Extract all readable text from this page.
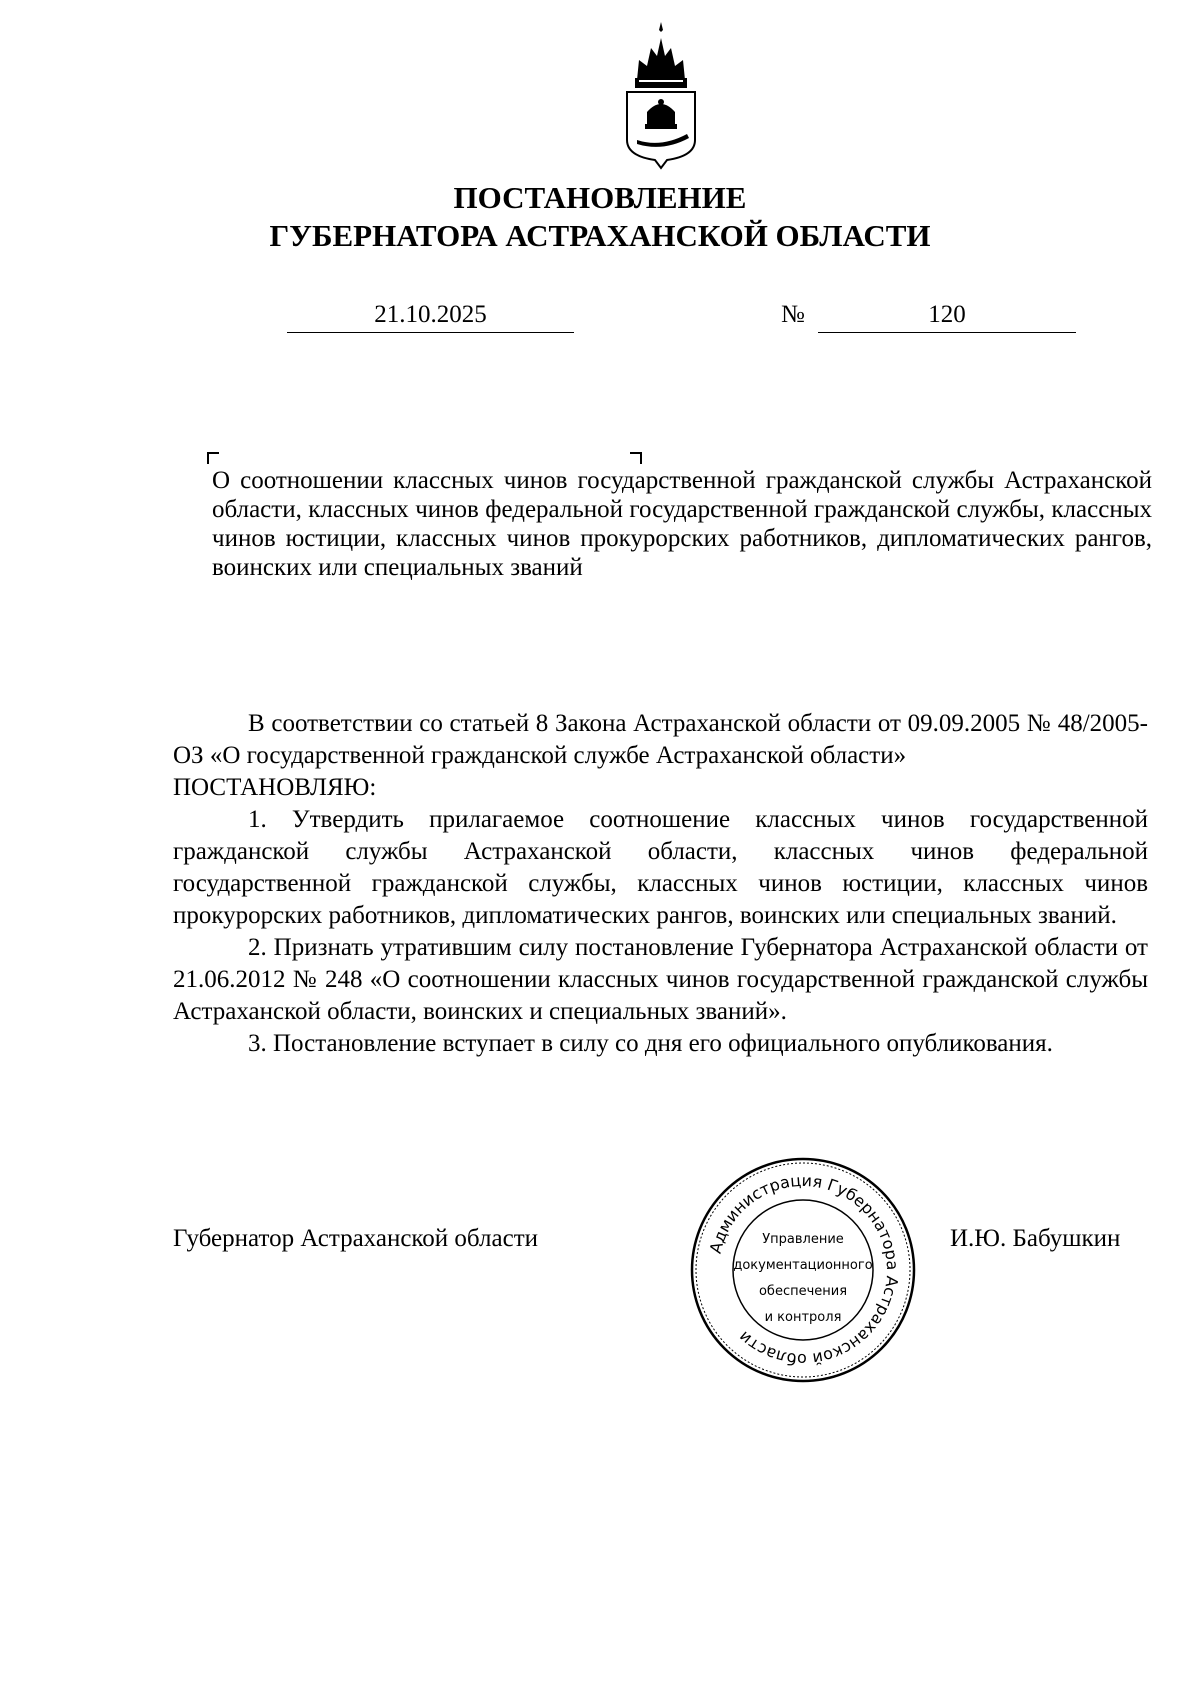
ПОСТАНОВЛЕНИЕ
ГУБЕРНАТОРА АСТРАХАНСКОЙ ОБЛАСТИ
21.10.2025	№	120
О соотношении классных чинов государственной гражданской службы Астраханской области, классных чинов федеральной государственной гражданской службы, классных чинов юстиции, классных чинов прокурорских работников, дипломатических рангов, воинских или специальных званий

В соответствии со статьей 8 Закона Астраханской области от 09.09.2005 № 48/2005-ОЗ «О государственной гражданской службе Астраханской области»

ПОСТАНОВЛЯЮ:

1. Утвердить прилагаемое соотношение классных чинов государственной гражданской службы Астраханской области, классных чинов федеральной государственной гражданской службы, классных чинов юстиции, классных чинов прокурорских работников, дипломатических рангов, воинских или специальных званий.

2. Признать утратившим силу постановление Губернатора Астраханской области от 21.06.2012 № 248 «О соотношении классных чинов государственной гражданской службы Астраханской области, воинских и специальных званий».

3. Постановление вступает в силу со дня его официального опубликования.

Губернатор Астраханской области	Администрация Губернатора Астраханской области
Управление
документационного
обеспечения
и контроля
И.Ю. Бабушкин
